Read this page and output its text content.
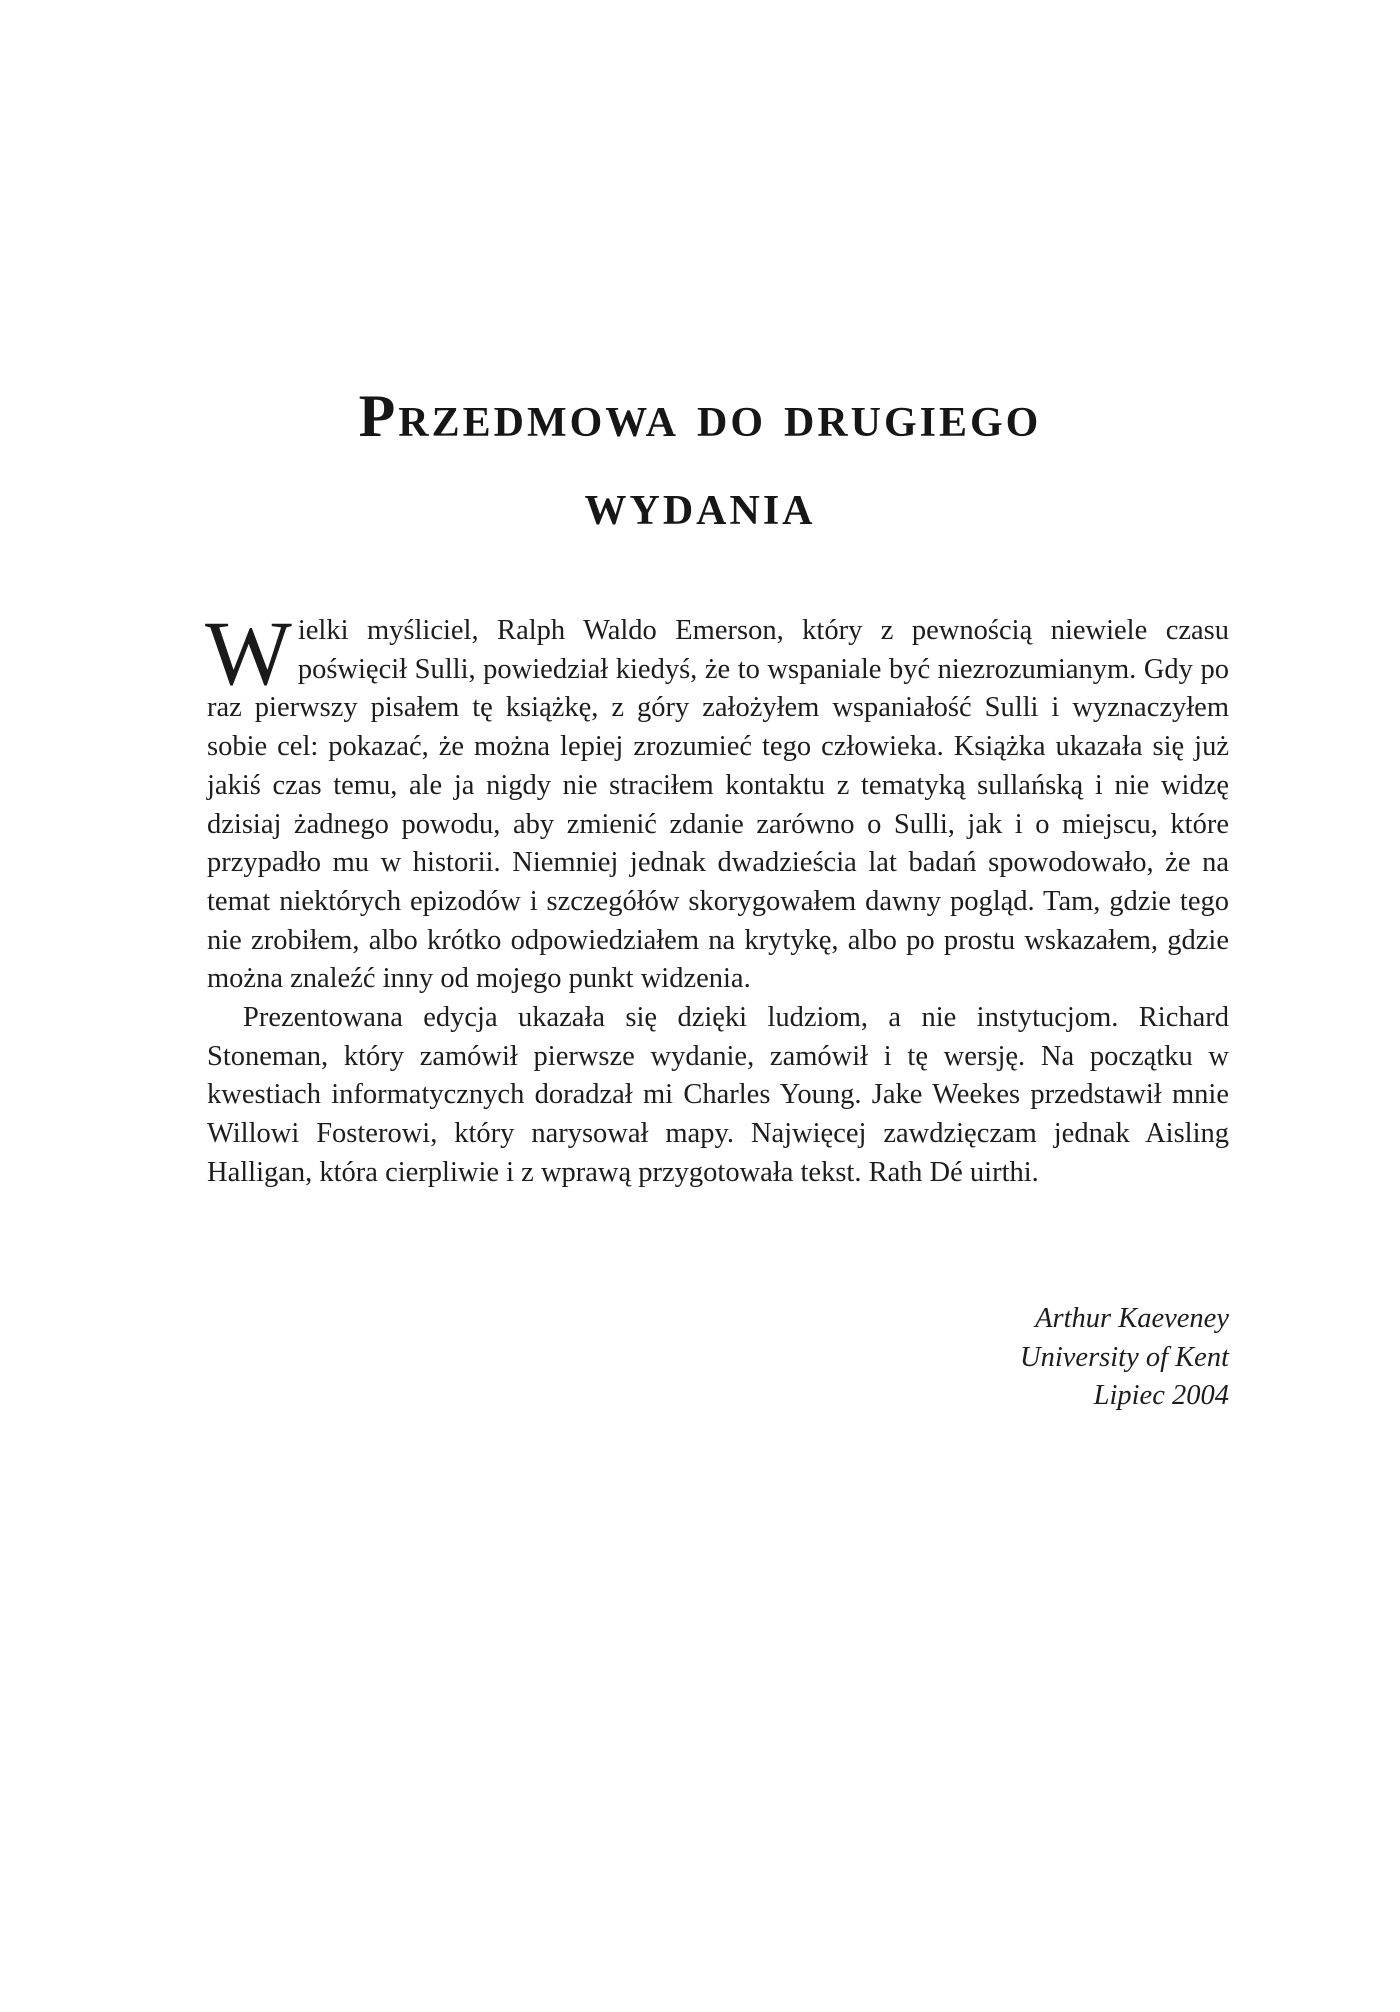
Przedmowa do drugiego
wydania

Wielki myśliciel, Ralph Waldo Emerson, który z pewnością niewiele czasu poświęcił Sulli, powiedział kiedyś, że to wspaniale być niezrozumianym. Gdy po raz pierwszy pisałem tę książkę, z góry założyłem wspaniałość Sulli i wyznaczyłem sobie cel: pokazać, że można lepiej zrozumieć tego człowieka. Książka ukazała się już jakiś czas temu, ale ja nigdy nie straciłem kontaktu z tematyką sullańską i nie widzę dzisiaj żadnego powodu, aby zmienić zdanie zarówno o Sulli, jak i o miejscu, które przypadło mu w historii. Niemniej jednak dwadzieścia lat badań spowodowało, że na temat niektórych epizodów i szczegółów skorygowałem dawny pogląd. Tam, gdzie tego nie zrobiłem, albo krótko odpowiedziałem na krytykę, albo po prostu wskazałem, gdzie można znaleźć inny od mojego punkt widzenia.

Prezentowana edycja ukazała się dzięki ludziom, a nie instytucjom. Richard Stoneman, który zamówił pierwsze wydanie, zamówił i tę wersję. Na początku w kwestiach informatycznych doradzał mi Charles Young. Jake Weekes przedstawił mnie Willowi Fosterowi, który narysował mapy. Najwięcej zawdzięczam jednak Aisling Halligan, która cierpliwie i z wprawą przygotowała tekst. Rath Dé uirthi.

Arthur Kaeveney
University of Kent
Lipiec 2004
